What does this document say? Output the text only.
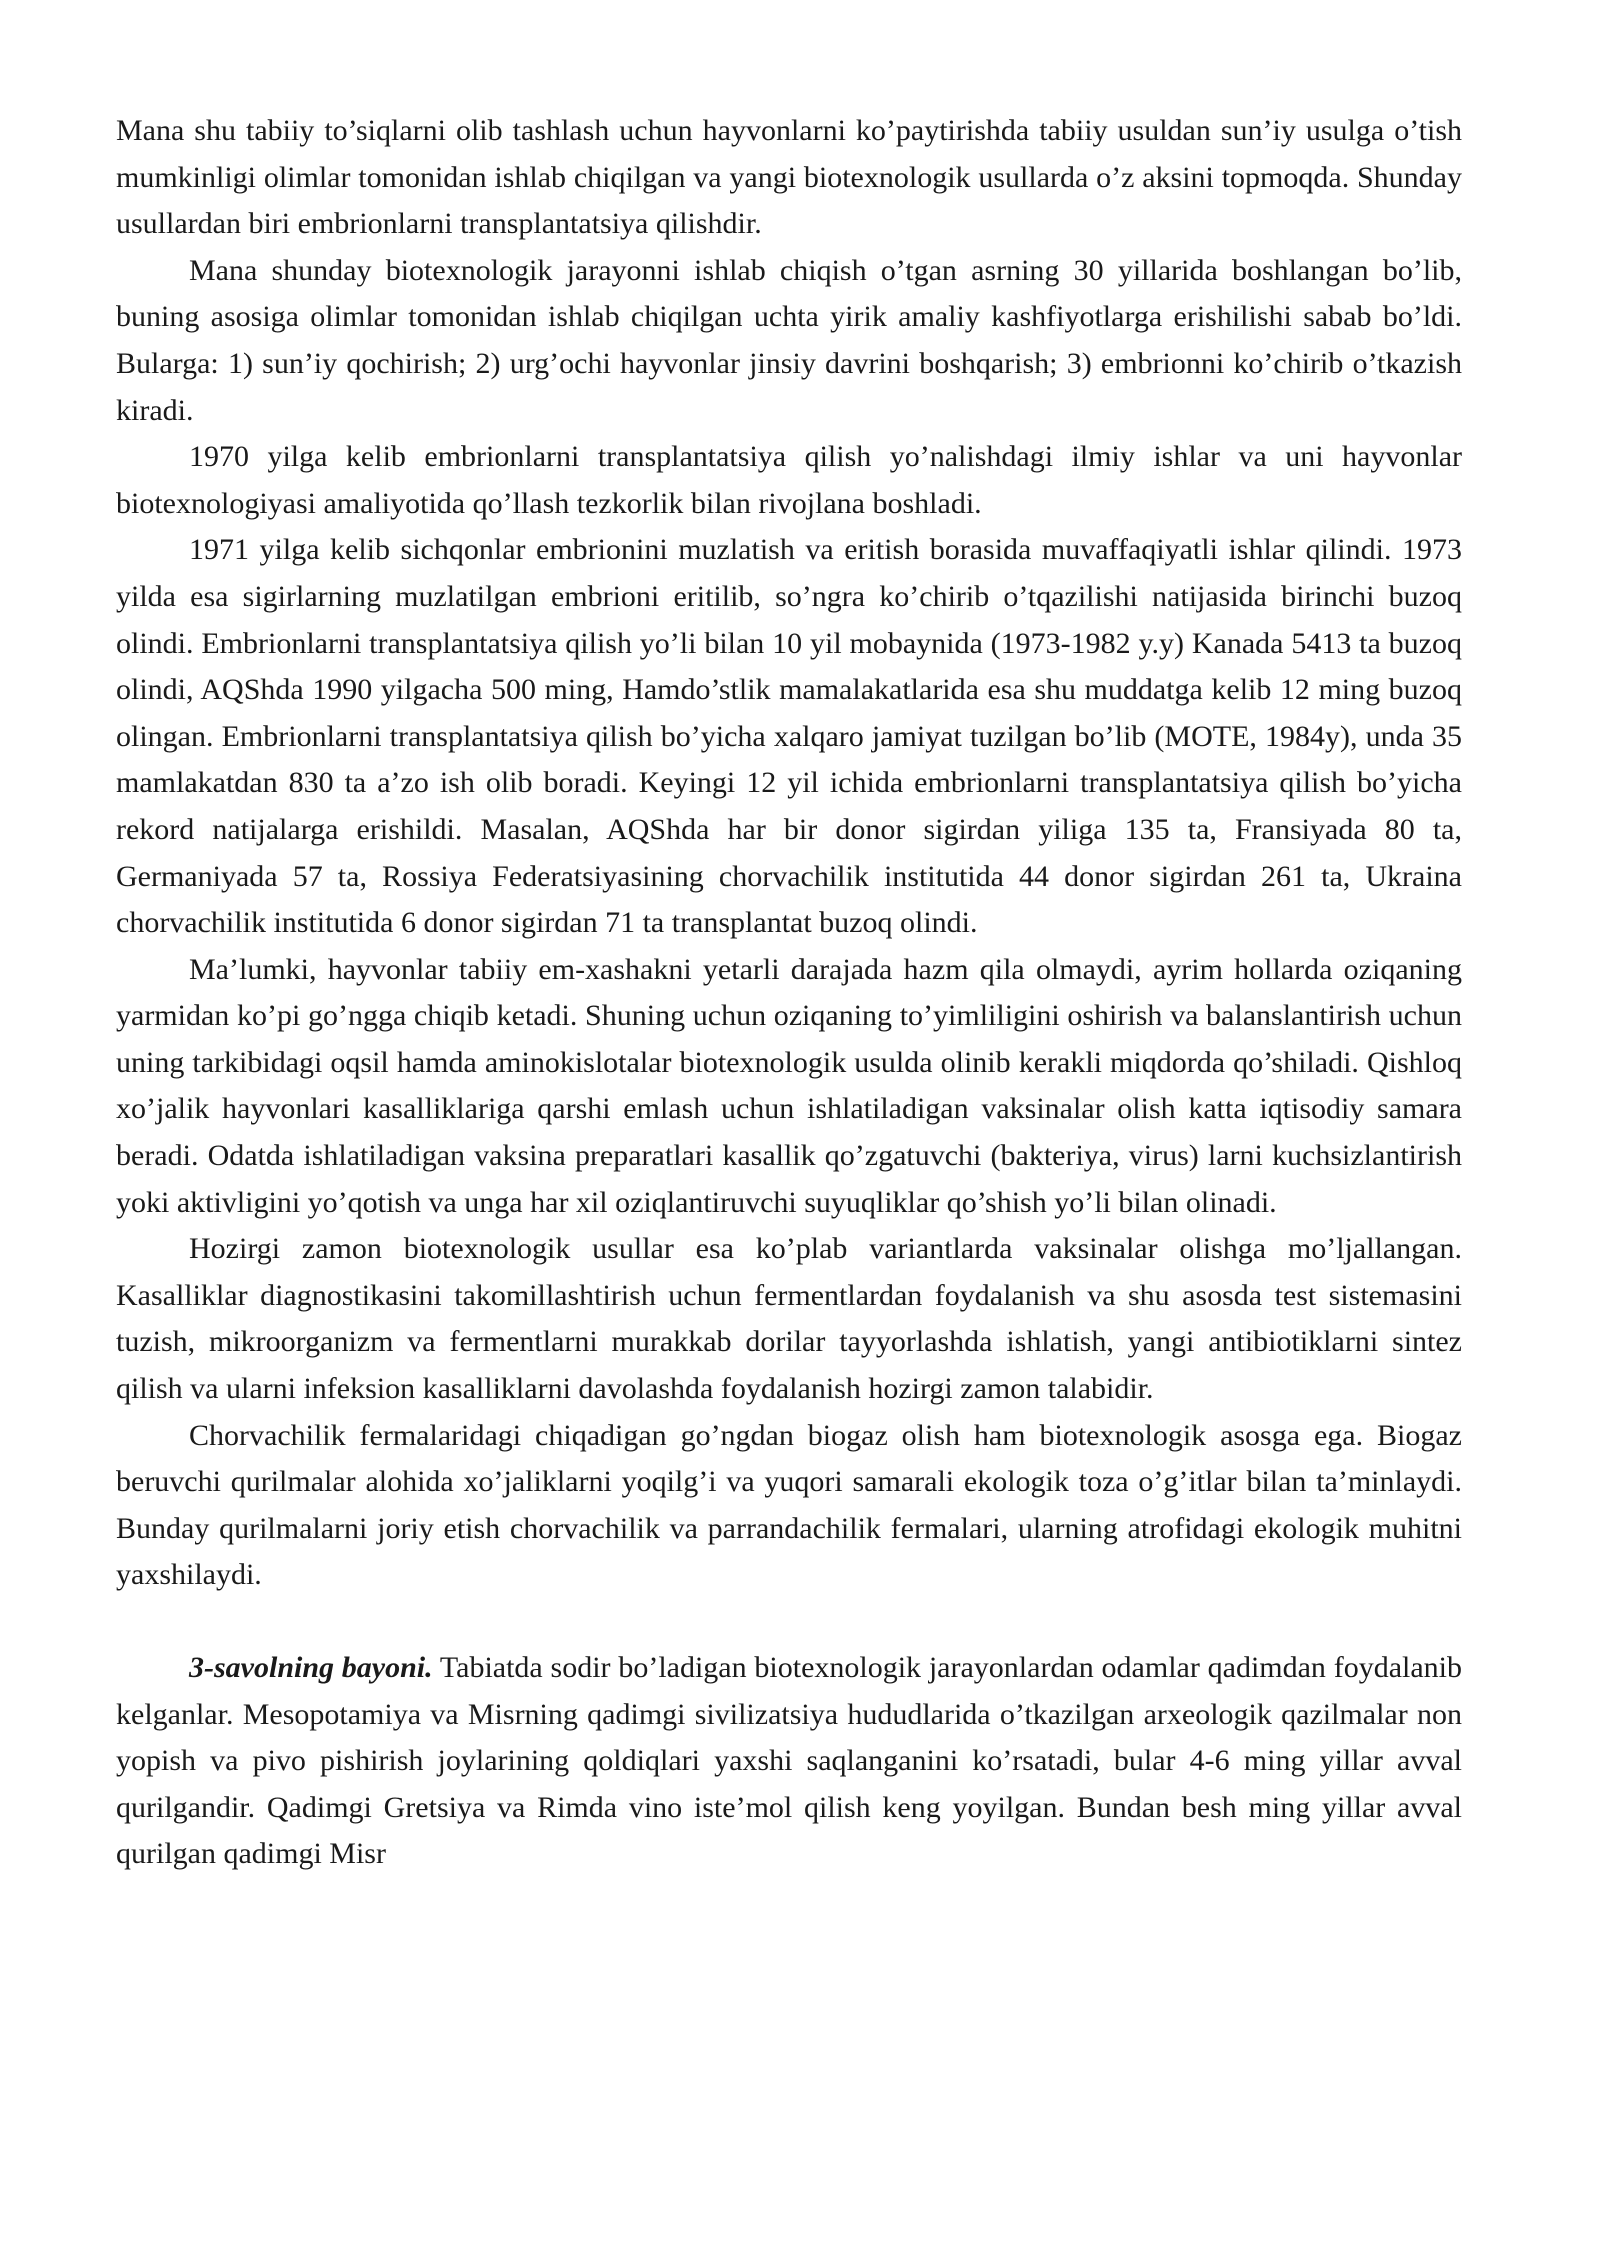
Mana shu tabiiy to’siqlarni olib tashlash uchun hayvonlarni ko’paytirishda tabiiy usuldan sun’iy usulga o’tish mumkinligi olimlar tomonidan ishlab chiqilgan va yangi biotexnologik usullarda o’z aksini topmoqda. Shunday usullardan biri embrionlarni transplantatsiya qilishdir.

Mana shunday biotexnologik jarayonni ishlab chiqish o’tgan asrning 30 yillarida boshlangan bo’lib, buning asosiga olimlar tomonidan ishlab chiqilgan uchta yirik amaliy kashfiyotlarga erishilishi sabab bo’ldi. Bularga: 1) sun’iy qochirish; 2) urg’ochi hayvonlar jinsiy davrini boshqarish; 3) embrionni ko’chirib o’tkazish kiradi.

1970 yilga kelib embrionlarni transplantatsiya qilish yo’nalishdagi ilmiy ishlar va uni hayvonlar biotexnologiyasi amaliyotida qo’llash tezkorlik bilan rivojlana boshladi.

1971 yilga kelib sichqonlar embrionini muzlatish va eritish borasida muvaffaqiyatli ishlar qilindi. 1973 yilda esa sigirlarning muzlatilgan embrioni eritilib, so’ngra ko’chirib o’tqazilishi natijasida birinchi buzoq olindi. Embrionlarni transplantatsiya qilish yo’li bilan 10 yil mobaynida (1973-1982 y.y) Kanada 5413 ta buzoq olindi, AQShda 1990 yilgacha 500 ming, Hamdo’stlik mamalakatlarida esa shu muddatga kelib 12 ming buzoq olingan. Embrionlarni transplantatsiya qilish bo’yicha xalqaro jamiyat tuzilgan bo’lib (MOTE, 1984y), unda 35 mamlakatdan 830 ta a’zo ish olib boradi. Keyingi 12 yil ichida embrionlarni transplantatsiya qilish bo’yicha rekord natijalarga erishildi. Masalan, AQShda har bir donor sigirdan yiliga 135 ta, Fransiyada 80 ta, Germaniyada 57 ta, Rossiya Federatsiyasining chorvachilik institutida 44 donor sigirdan 261 ta, Ukraina chorvachilik institutida 6 donor sigirdan 71 ta transplantat buzoq olindi.

Ma’lumki, hayvonlar tabiiy em-xashakni yetarli darajada hazm qila olmaydi, ayrim hollarda oziqaning yarmidan ko’pi go’ngga chiqib ketadi. Shuning uchun oziqaning to’yimliligini oshirish va balanslantirish uchun uning tarkibidagi oqsil hamda aminokislotalar biotexnologik usulda olinib kerakli miqdorda qo’shiladi. Qishloq xo’jalik hayvonlari kasalliklariga qarshi emlash uchun ishlatiladigan vaksinalar olish katta iqtisodiy samara beradi. Odatda ishlatiladigan vaksina preparatlari kasallik qo’zgatuvchi (bakteriya, virus) larni kuchsizlantirish yoki aktivligini yo’qotish va unga har xil oziqlantiruvchi suyuqliklar qo’shish yo’li bilan olinadi.

Hozirgi zamon biotexnologik usullar esa ko’plab variantlarda vaksinalar olishga mo’ljallangan. Kasalliklar diagnostikasini takomillashtirish uchun fermentlardan foydalanish va shu asosda test sistemasini tuzish, mikroorganizm va fermentlarni murakkab dorilar tayyorlashda ishlatish, yangi antibiotiklarni sintez qilish va ularni infeksion kasalliklarni davolashda foydalanish hozirgi zamon talabidir.

Chorvachilik fermalaridagi chiqadigan go’ngdan biogaz olish ham biotexnologik asosga ega. Biogaz beruvchi qurilmalar alohida xo’jaliklarni yoqilg’i va yuqori samarali ekologik toza o’g’itlar bilan ta’minlaydi. Bunday qurilmalarni joriy etish chorvachilik va parrandachilik fermalari, ularning atrofidagi ekologik muhitni yaxshilaydi.

3-savolning bayoni. Tabiatda sodir bo’ladigan biotexnologik jarayonlardan odamlar qadimdan foydalanib kelganlar. Mesopotamiya va Misrning qadimgi sivilizatsiya hududlarida o’tkazilgan arxeologik qazilmalar non yopish va pivo pishirish joylarining qoldiqlari yaxshi saqlanganini ko’rsatadi, bular 4-6 ming yillar avval qurilgandir. Qadimgi Gretsiya va Rimda vino iste’mol qilish keng yoyilgan. Bundan besh ming yillar avval qurilgan qadimgi Misr
